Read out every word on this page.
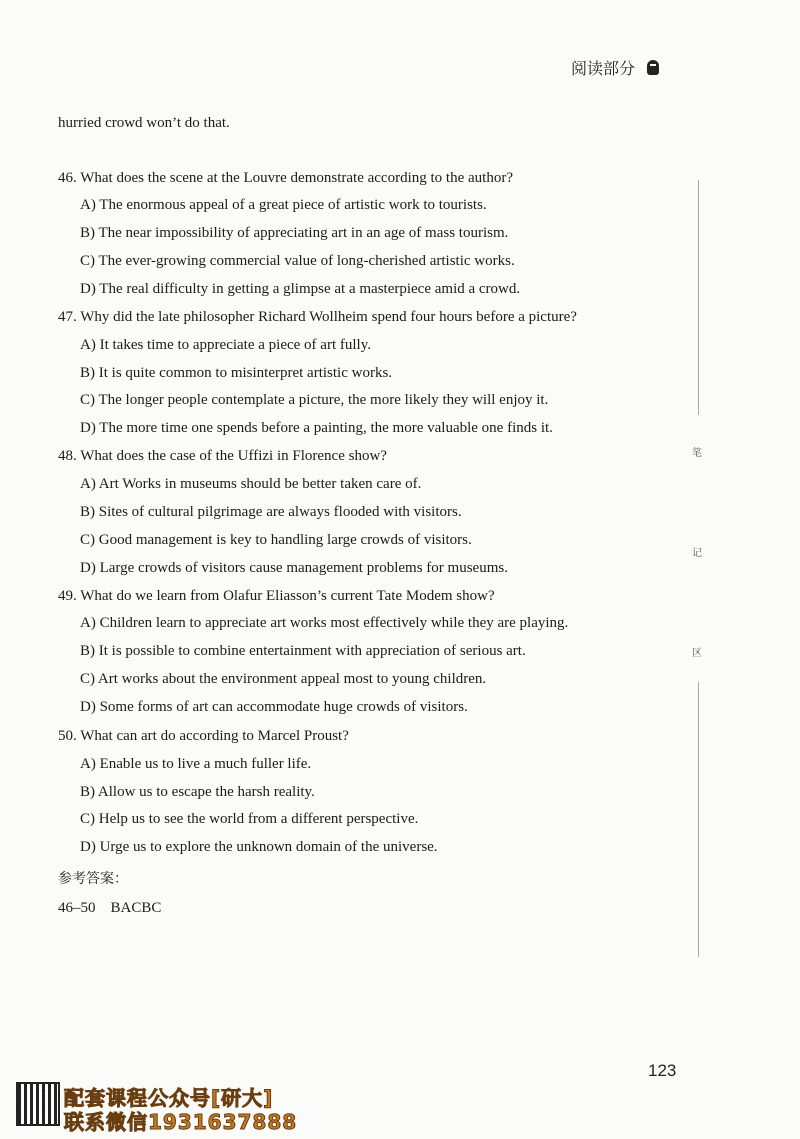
阅读部分
hurried crowd won’t do that.
46. What does the scene at the Louvre demonstrate according to the author?
A) The enormous appeal of a great piece of artistic work to tourists.
B) The near impossibility of appreciating art in an age of mass tourism.
C) The ever-growing commercial value of long-cherished artistic works.
D) The real difficulty in getting a glimpse at a masterpiece amid a crowd.
47. Why did the late philosopher Richard Wollheim spend four hours before a picture?
A) It takes time to appreciate a piece of art fully.
B) It is quite common to misinterpret artistic works.
C) The longer people contemplate a picture, the more likely they will enjoy it.
D) The more time one spends before a painting, the more valuable one finds it.
48. What does the case of the Uffizi in Florence show?
A) Art Works in museums should be better taken care of.
B) Sites of cultural pilgrimage are always flooded with visitors.
C) Good management is key to handling large crowds of visitors.
D) Large crowds of visitors cause management problems for museums.
49. What do we learn from Olafur Eliasson’s current Tate Modem show?
A) Children learn to appreciate art works most effectively while they are playing.
B) It is possible to combine entertainment with appreciation of serious art.
C) Art works about the environment appeal most to young children.
D) Some forms of art can accommodate huge crowds of visitors.
50. What can art do according to Marcel Proust?
A) Enable us to live a much fuller life.
B) Allow us to escape the harsh reality.
C) Help us to see the world from a different perspective.
D) Urge us to explore the unknown domain of the universe.
参考答案：
46–50　BACBC
笔
记
区
123
配套课程公众号[研大]
联系微信1931637888
